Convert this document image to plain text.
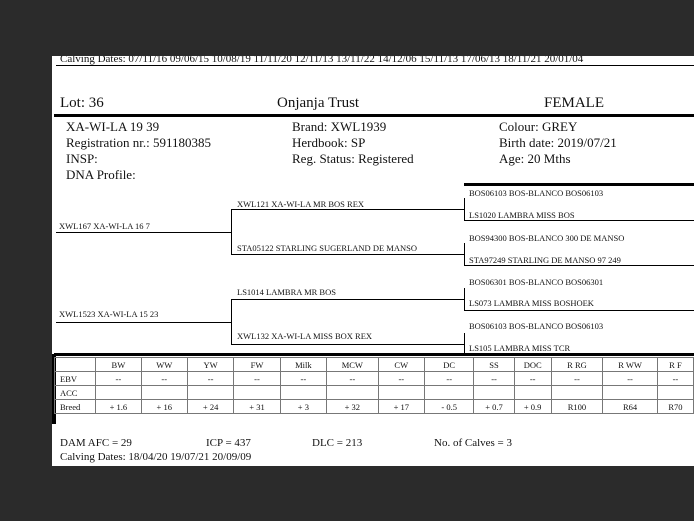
Calving Dates: 07/11/16 09/06/15 10/08/19 11/11/20 12/11/13 13/11/22 14/12/06 15/11/13 17/06/13 18/11/21 20/01/04
Lot: 36	Onjanja Trust	FEMALE
XA-WI-LA 19 39
Registration nr.: 591180385
INSP:
DNA Profile:
Brand: XWL1939
Herdbook: SP
Reg. Status: Registered
Colour: GREY
Birth date: 2019/07/21
Age: 20 Mths
XWL167 XA-WI-LA 16 7
XWL1523 XA-WI-LA 15 23
XWL121 XA-WI-LA MR BOS REX
STA05122 STARLING SUGERLAND DE MANSO
LS1014 LAMBRA MR BOS
XWL132 XA-WI-LA MISS BOX REX
BOS06103 BOS-BLANCO BOS06103
LS1020 LAMBRA MISS BOS
BOS94300 BOS-BLANCO 300 DE MANSO
STA97249 STARLING DE MANSO 97 249
BOS06301 BOS-BLANCO BOS06301
LS073 LAMBRA MISS BOSHOEK
BOS06103 BOS-BLANCO BOS06103
LS105 LAMBRA MISS TCR
	BW	WW	YW	FW	Milk	MCW	CW	DC	SS	DOC	R RG	R WW	R F
EBV	--	--	--	--	--	--	--	--	--	--	--	--	--
ACC													
Breed	+ 1.6	+ 16	+ 24	+ 31	+ 3	+ 32	+ 17	- 0.5	+ 0.7	+ 0.9	R100	R64	R70
DAM AFC = 29	ICP = 437	DLC = 213	No. of Calves = 3
Calving Dates: 18/04/20 19/07/21 20/09/09
